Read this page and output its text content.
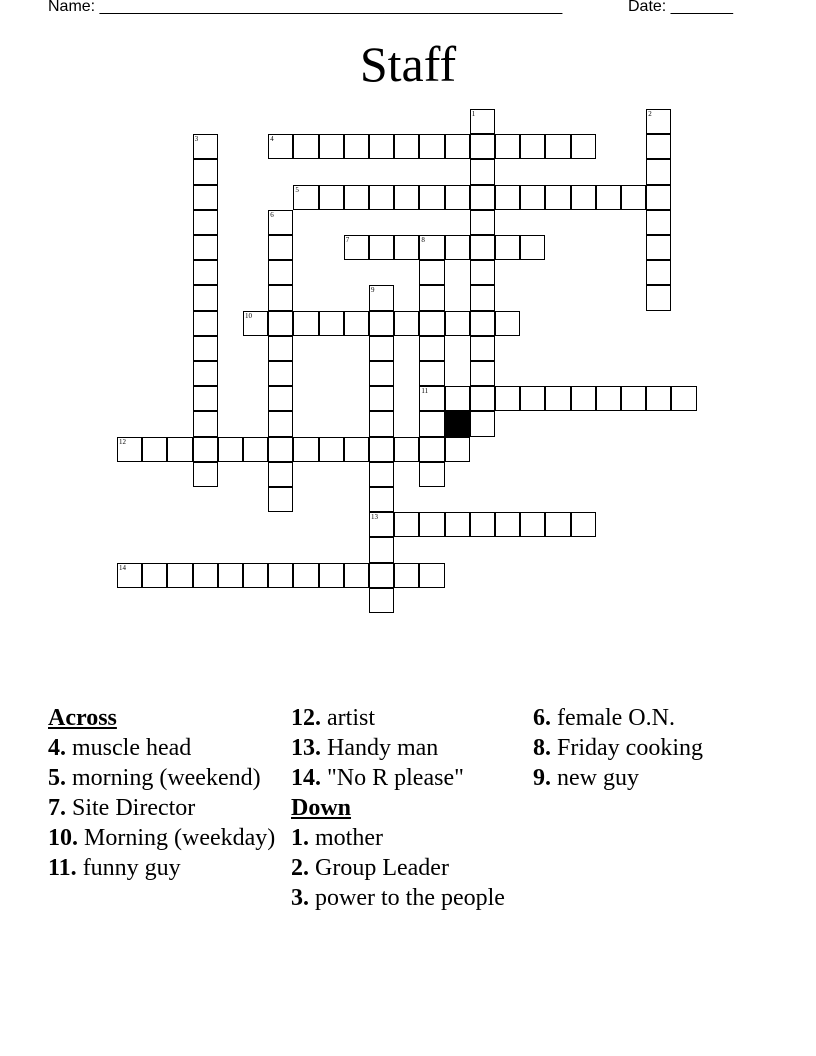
Name: ____________________________________________________	Date: _______
Staff
1	2
3	4
5
6
7	8
9
10
11
12
13
14
Across
4. muscle head
5. morning (weekend)
7. Site Director
10. Morning (weekday)
11. funny guy
12. artist
13. Handy man
14. "No R please"
Down
1. mother
2. Group Leader
3. power to the people
6. female O.N.
8. Friday cooking
9. new guy
